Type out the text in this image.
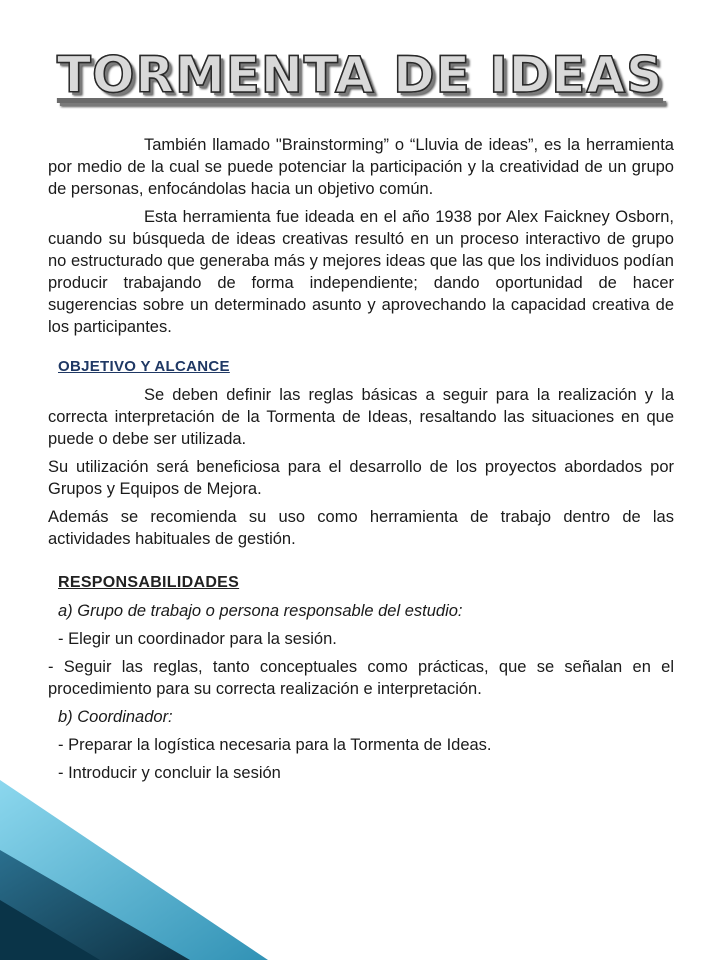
TORMENTA DE IDEAS

También llamado "Brainstorming” o “Lluvia de ideas”, es la herramienta por medio de la cual se puede potenciar la participación y la creatividad de un grupo de personas, enfocándolas hacia un objetivo común.

Esta herramienta fue ideada en el año 1938 por Alex Faickney Osborn, cuando su búsqueda de ideas creativas resultó en un proceso interactivo de grupo no estructurado que generaba más y mejores ideas que las que los individuos podían producir trabajando de forma independiente; dando oportunidad de hacer sugerencias sobre un determinado asunto y aprovechando la capacidad creativa de los participantes.

OBJETIVO Y ALCANCE

Se deben definir las reglas básicas a seguir para la realización y la correcta interpretación de la Tormenta de Ideas, resaltando las situaciones en que puede o debe ser utilizada.

Su utilización será beneficiosa para el desarrollo de los proyectos abordados por Grupos y Equipos de Mejora.

Además se recomienda su uso como herramienta de trabajo dentro de las actividades habituales de gestión.

RESPONSABILIDADES

a) Grupo de trabajo o persona responsable del estudio:

- Elegir un coordinador para la sesión.

- Seguir las reglas, tanto conceptuales como prácticas, que se señalan en el procedimiento para su correcta realización e interpretación.

b) Coordinador:

- Preparar la logística necesaria para la Tormenta de Ideas.

- Introducir y concluir la sesión
